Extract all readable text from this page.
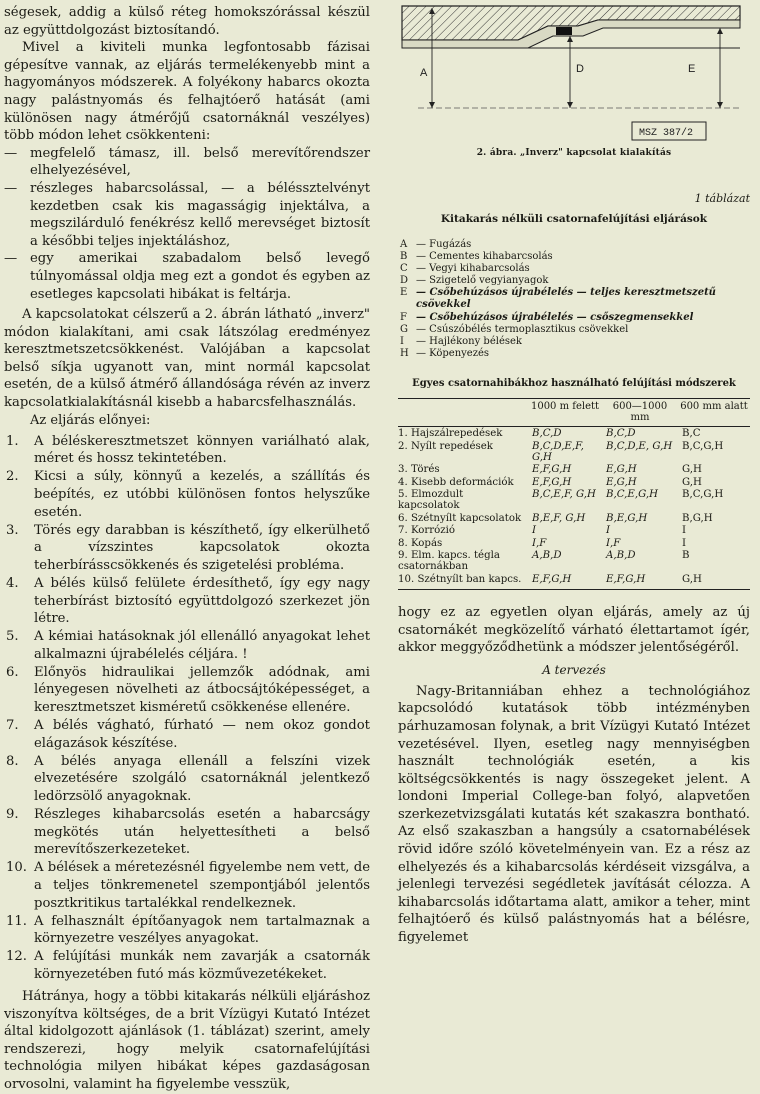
ségesek, addig a külső réteg homokszórással készül az együttdolgozást biztosítandó.

Mivel a kiviteli munka legfontosabb fázisai gépesítve vannak, az eljárás termelékenyebb mint a hagyományos módszerek. A folyékony habarcs okozta nagy palástnyomás és felhajtóerő hatását (ami különösen nagy átmérőjű csatornáknál veszélyes) több módon lehet csökkenteni:

— megfelelő támasz, ill. belső merevítőrendszer elhelyezésével,
— részleges habarcsolással, — a béléssztelvényt kezdetben csak kis magasságig injektálva, a megszilárduló fenékrész kellő merevséget biztosít a későbbi teljes injektáláshoz,
— egy amerikai szabadalom belső levegő túlnyomással oldja meg ezt a gondot és egyben az esetleges kapcsolati hibákat is feltárja.

A kapcsolatokat célszerű a 2. ábrán látható „inverz" módon kialakítani, ami csak látszólag eredményez keresztmetszetcsökkenést. Valójában a kapcsolat belső síkja ugyanott van, mint normál kapcsolat esetén, de a külső átmérő állandósága révén az inverz kapcsolatkialakításnál kisebb a habarcsfelhasználás.

Az eljárás előnyei:
1.	A béléskeresztmetszet könnyen variálható alak, méret és hossz tekintetében.
2.	Kicsi a súly, könnyű a kezelés, a szállítás és beépítés, ez utóbbi különösen fontos helyszűke esetén.
3.	Törés egy darabban is készíthető, így elkerülhető a vízszintes kapcsolatok okozta teherbírásscsökkenés és szigetelési probléma.
4.	A bélés külső felülete érdesíthető, így egy nagy teherbírást biztosító együttdolgozó szerkezet jön létre.
5.	A kémiai hatásoknak jól ellenálló anyagokat lehet alkalmazni újrabélelés céljára. !
6.	Előnyös hidraulikai jellemzők adódnak, ami lényegesen növelheti az átbocsájtóképességet, a keresztmetszet kisméretű csökkenése ellenére.
7.	A bélés vágható, fúrható — nem okoz gondot elágazások készítése.
8.	A bélés anyaga ellenáll a felszíni vizek elvezetésére szolgáló csatornáknál jelentkező ledörzsölő anyagoknak.
9.	Részleges kihabarcsolás esetén a habarcságy megkötés után helyettesítheti a belső merevítőszerkezeteket.
10. A bélések a méretezésnél figyelembe nem vett, de a teljes tönkremenetel szempontjából jelentős posztkritikus tartalékkal rendelkeznek.
11. A felhasznált építőanyagok nem tartalmaznak a környezetre veszélyes anyagokat.
12. A felújítási munkák nem zavarják a csatornák környezetében futó más közművezetékeket.

Hátránya, hogy a többi kitakarás nélküli eljáráshoz viszonyítva költséges, de a brit Vízügyi Kutató Intézet által kidolgozott ajánlások (1. táblázat) szerint, amely rendszerezi, hogy melyik csatornafelújítási technológia milyen hibákat képes gazdaságosan orvosolni, valamint ha figyelembe vesszük,

A	D	E
MSZ 387/2
2. ábra. „Inverz" kapcsolat kialakítás
1 táblázat
Kitakarás nélküli csatornafelújítási eljárások
A — Fugázás
B — Cementes kihabarcsolás
C — Vegyi kihabarcsolás
D — Szigetelő vegyianyagok
E — Csőbehúzásos újrabélelés — teljes keresztmetszetű csövekkel
F — Csőbehúzásos újrabélelés — csőszegmensekkel
G — Csúszóbélés termoplasztikus csövekkel
I	— Hajlékony bélések
H — Köpenyezés
Egyes csatornahibákhoz használható felújítási módszerek
	1000 m felett	600—1000 mm	600 mm alatt
1. Hajszálrepedések	B,C,D	B,C,D	B,C
2. Nyílt repedések	B,C,D,E,F, G,H	B,C,D,E, G,H	B,C,G,H
3. Törés	E,F,G,H	E,G,H	G,H
4. Kisebb deformációk	E,F,G,H	E,G,H	G,H
5. Elmozdult kapcsolatok	B,C,E,F, G,H	B,C,E,G,H	B,C,G,H
6. Szétnyílt kapcsolatok	B,E,F, G,H	B,E,G,H	B,G,H
7. Korrózió	I	I	I
8. Kopás	I,F	I,F	I
9. Elm. kapcs. tégla csatornákban	A,B,D	A,B,D	B
10. Szétnyílt ban kapcs.	E,F,G,H	E,F,G,H	G,H

hogy ez az egyetlen olyan eljárás, amely az új csatornákét megközelítő várható élettartamot ígér, akkor meggyőződhetünk a módszer jelentőségéről.

A tervezés

Nagy-Britanniában ehhez a technológiához kapcsolódó kutatások több intézményben párhuzamosan folynak, a brit Vízügyi Kutató Intézet vezetésével. Ilyen, esetleg nagy mennyiségben használt technológiák esetén, a kis költségcsökkentés is nagy összegeket jelent. A londoni Imperial College-ban folyó, alapvetően szerkezetvizsgálati kutatás két szakaszra bontható. Az első szakaszban a hangsúly a csatornabélések rövid időre szóló követelményein van. Ez a rész az elhelyezés és a kihabarcsolás kérdéseit vizsgálva, a jelenlegi tervezési segédletek javítását célozza. A kihabarcsolás időtartama alatt, amikor a teher, mint felhajtóerő és külső palástnyomás hat a bélésre, figyelemet
